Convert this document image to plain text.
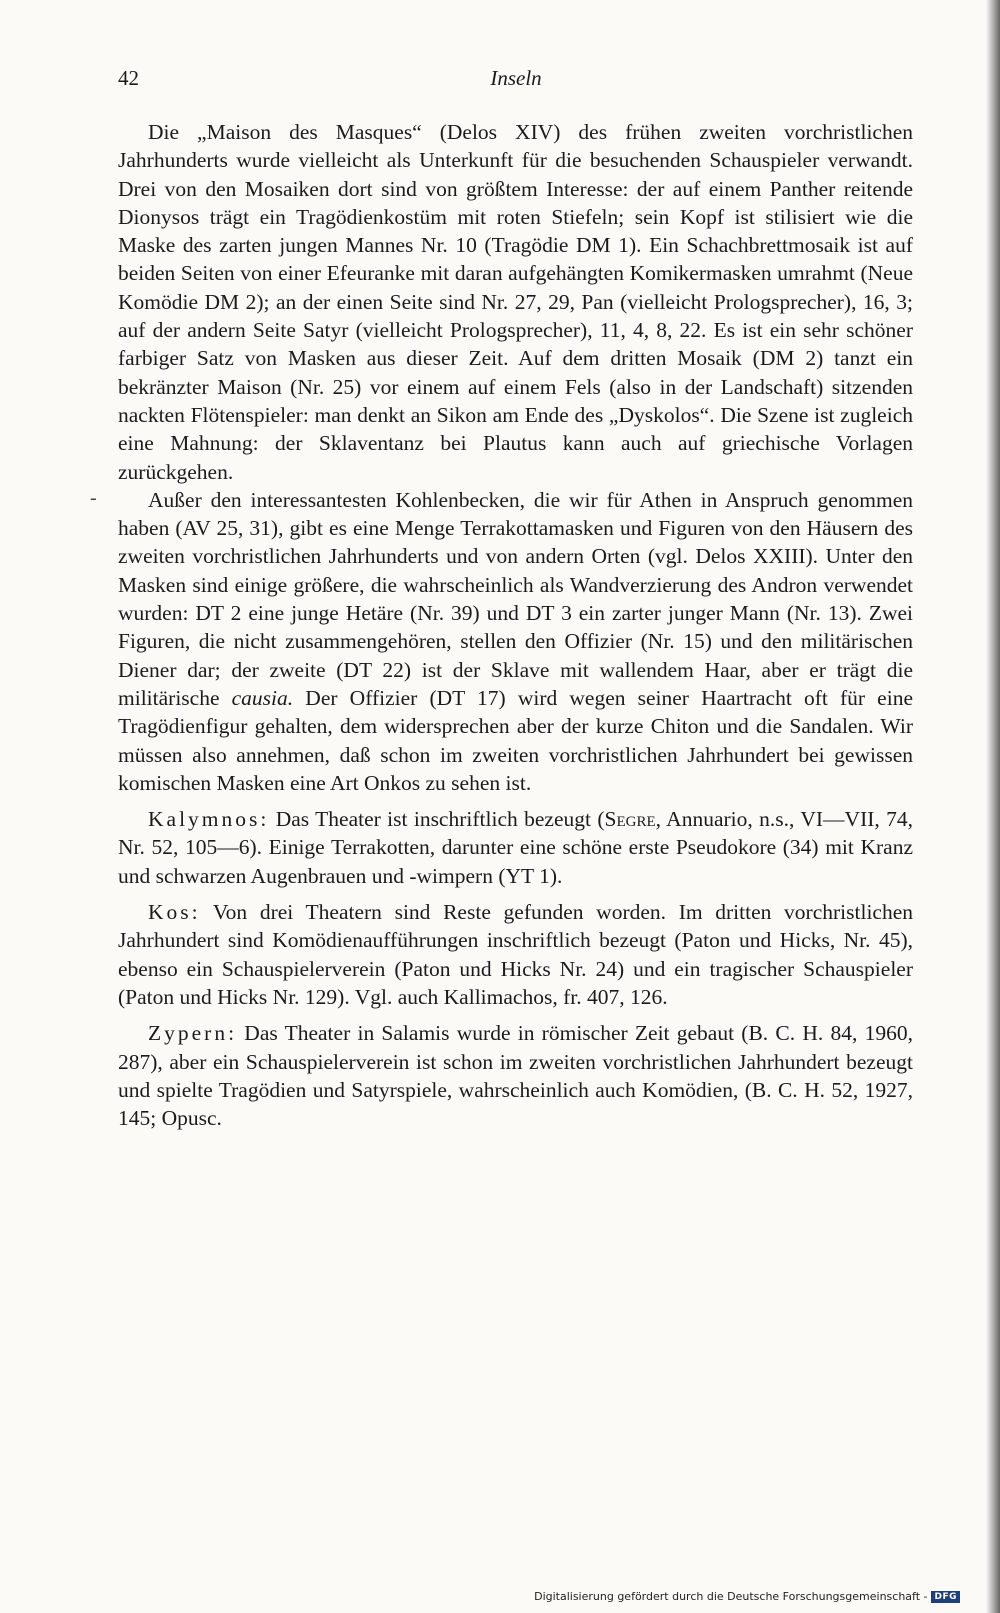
42	Inseln
-

Die „Maison des Masques“ (Delos XIV) des frühen zweiten vorchristlichen Jahrhunderts wurde vielleicht als Unterkunft für die besuchenden Schauspieler verwandt. Drei von den Mosaiken dort sind von größtem Interesse: der auf einem Panther reitende Dionysos trägt ein Tragödienkostüm mit roten Stiefeln; sein Kopf ist stilisiert wie die Maske des zarten jungen Mannes Nr. 10 (Tragödie DM 1). Ein Schachbrettmosaik ist auf beiden Seiten von einer Efeuranke mit daran aufgehängten Komikermasken umrahmt (Neue Komödie DM 2); an der einen Seite sind Nr. 27, 29, Pan (vielleicht Prologsprecher), 16, 3; auf der andern Seite Satyr (vielleicht Prologsprecher), 11, 4, 8, 22. Es ist ein sehr schöner farbiger Satz von Masken aus dieser Zeit. Auf dem dritten Mosaik (DM 2) tanzt ein bekränzter Maison (Nr. 25) vor einem auf einem Fels (also in der Landschaft) sitzenden nackten Flötenspieler: man denkt an Sikon am Ende des „Dyskolos“. Die Szene ist zugleich eine Mahnung: der Sklaventanz bei Plautus kann auch auf griechische Vorlagen zurückgehen.

Außer den interessantesten Kohlenbecken, die wir für Athen in Anspruch genommen haben (AV 25, 31), gibt es eine Menge Terrakottamasken und Figuren von den Häusern des zweiten vorchristlichen Jahrhunderts und von andern Orten (vgl. Delos XXIII). Unter den Masken sind einige größere, die wahrscheinlich als Wandverzierung des Andron verwendet wurden: DT 2 eine junge Hetäre (Nr. 39) und DT 3 ein zarter junger Mann (Nr. 13). Zwei Figuren, die nicht zusammengehören, stellen den Offizier (Nr. 15) und den militärischen Diener dar; der zweite (DT 22) ist der Sklave mit wallendem Haar, aber er trägt die militärische causia. Der Offizier (DT 17) wird wegen seiner Haartracht oft für eine Tragödienfigur gehalten, dem widersprechen aber der kurze Chiton und die Sandalen. Wir müssen also annehmen, daß schon im zweiten vorchristlichen Jahrhundert bei gewissen komischen Masken eine Art Onkos zu sehen ist.

Kalymnos: Das Theater ist inschriftlich bezeugt (Segre, Annuario, n.s., VI—VII, 74, Nr. 52, 105—6). Einige Terrakotten, darunter eine schöne erste Pseudokore (34) mit Kranz und schwarzen Augenbrauen und -wimpern (YT 1).

Kos: Von drei Theatern sind Reste gefunden worden. Im dritten vorchristlichen Jahrhundert sind Komödienaufführungen inschriftlich bezeugt (Paton und Hicks, Nr. 45), ebenso ein Schauspielerverein (Paton und Hicks Nr. 24) und ein tragischer Schauspieler (Paton und Hicks Nr. 129). Vgl. auch Kallimachos, fr. 407, 126.

Zypern: Das Theater in Salamis wurde in römischer Zeit gebaut (B. C. H. 84, 1960, 287), aber ein Schauspielerverein ist schon im zweiten vorchristlichen Jahrhundert bezeugt und spielte Tragödien und Satyrspiele, wahrscheinlich auch Komödien, (B. C. H. 52, 1927, 145; Opusc.

Digitalisierung gefördert durch die Deutsche Forschungsgemeinschaft - DFG
